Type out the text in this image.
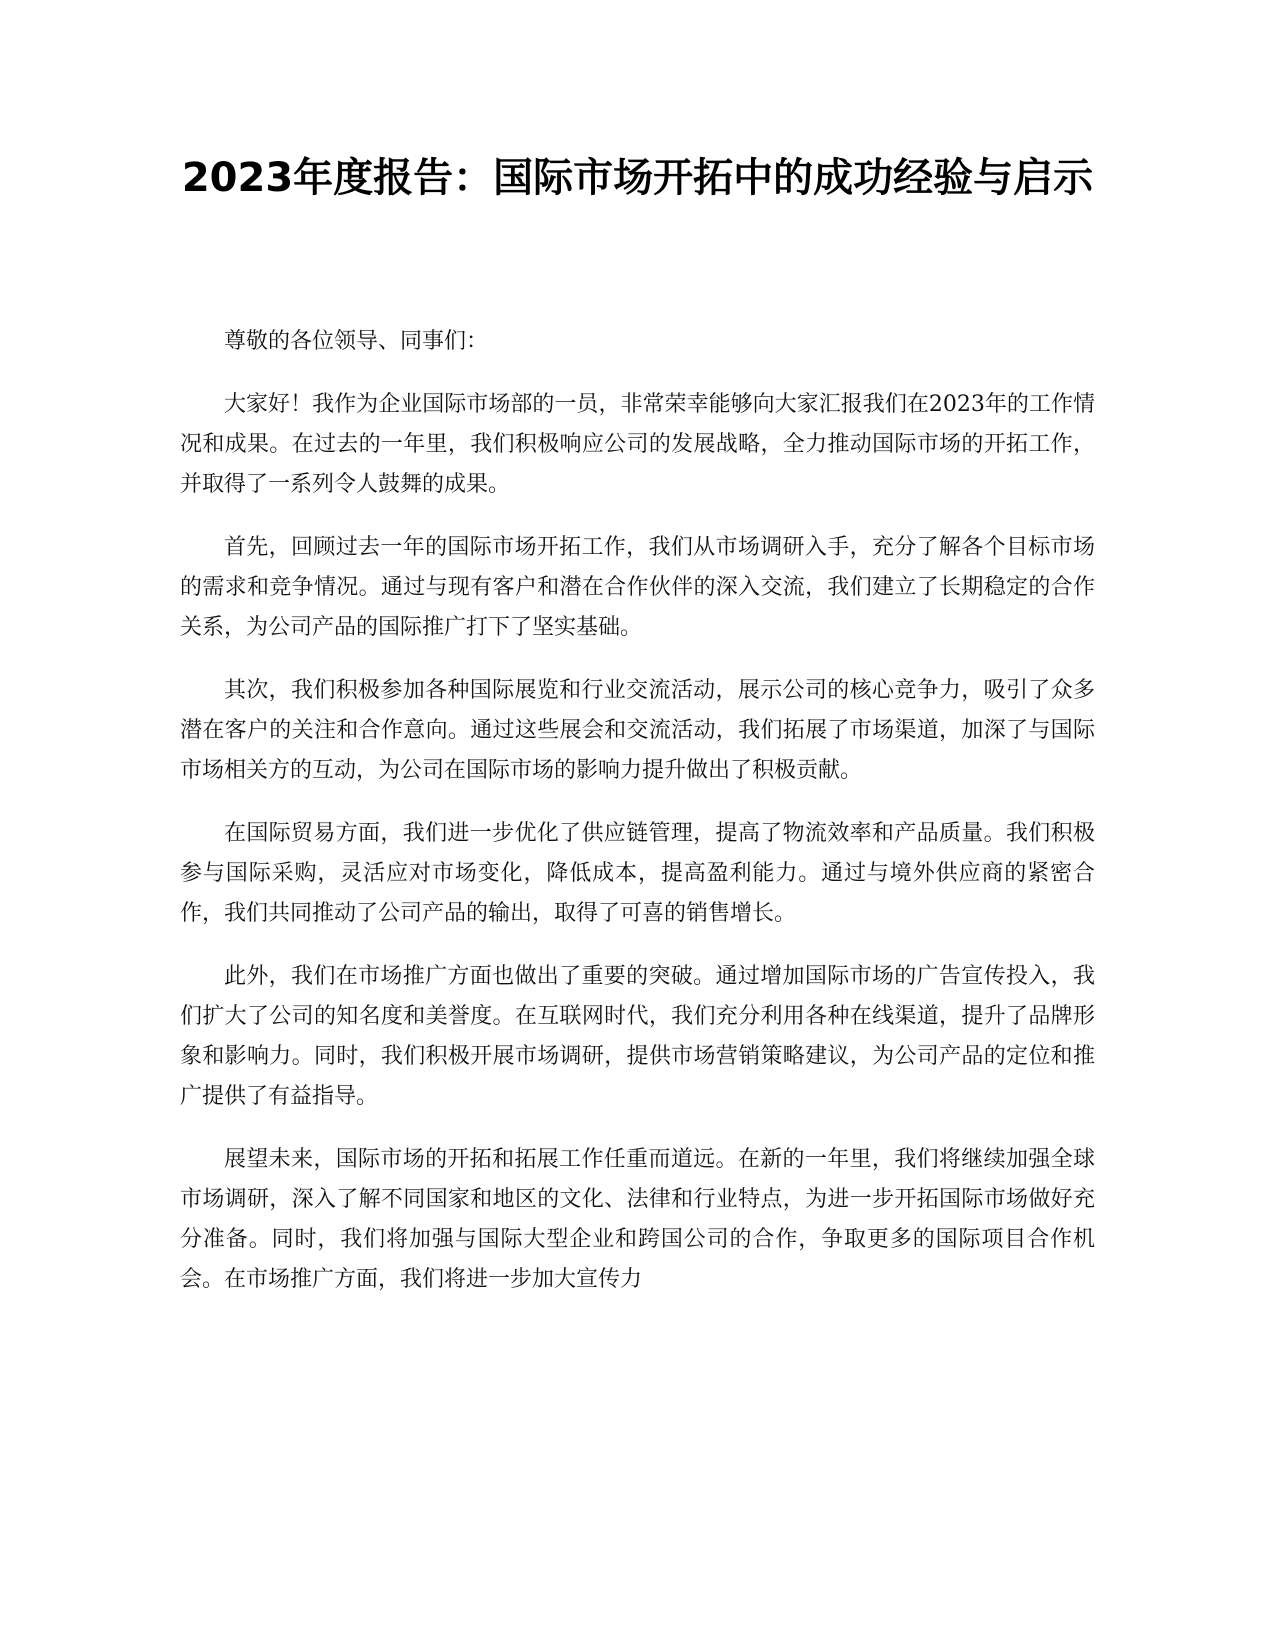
2023年度报告：国际市场开拓中的成功经验与启示

尊敬的各位领导、同事们：

大家好！我作为企业国际市场部的一员，非常荣幸能够向大家汇报我们在2023年的工作情况和成果。在过去的一年里，我们积极响应公司的发展战略，全力推动国际市场的开拓工作，并取得了一系列令人鼓舞的成果。

首先，回顾过去一年的国际市场开拓工作，我们从市场调研入手，充分了解各个目标市场的需求和竞争情况。通过与现有客户和潜在合作伙伴的深入交流，我们建立了长期稳定的合作关系，为公司产品的国际推广打下了坚实基础。

其次，我们积极参加各种国际展览和行业交流活动，展示公司的核心竞争力，吸引了众多潜在客户的关注和合作意向。通过这些展会和交流活动，我们拓展了市场渠道，加深了与国际市场相关方的互动，为公司在国际市场的影响力提升做出了积极贡献。

在国际贸易方面，我们进一步优化了供应链管理，提高了物流效率和产品质量。我们积极参与国际采购，灵活应对市场变化，降低成本，提高盈利能力。通过与境外供应商的紧密合作，我们共同推动了公司产品的输出，取得了可喜的销售增长。

此外，我们在市场推广方面也做出了重要的突破。通过增加国际市场的广告宣传投入，我们扩大了公司的知名度和美誉度。在互联网时代，我们充分利用各种在线渠道，提升了品牌形象和影响力。同时，我们积极开展市场调研，提供市场营销策略建议，为公司产品的定位和推广提供了有益指导。

展望未来，国际市场的开拓和拓展工作任重而道远。在新的一年里，我们将继续加强全球市场调研，深入了解不同国家和地区的文化、法律和行业特点，为进一步开拓国际市场做好充分准备。同时，我们将加强与国际大型企业和跨国公司的合作，争取更多的国际项目合作机会。在市场推广方面，我们将进一步加大宣传力
